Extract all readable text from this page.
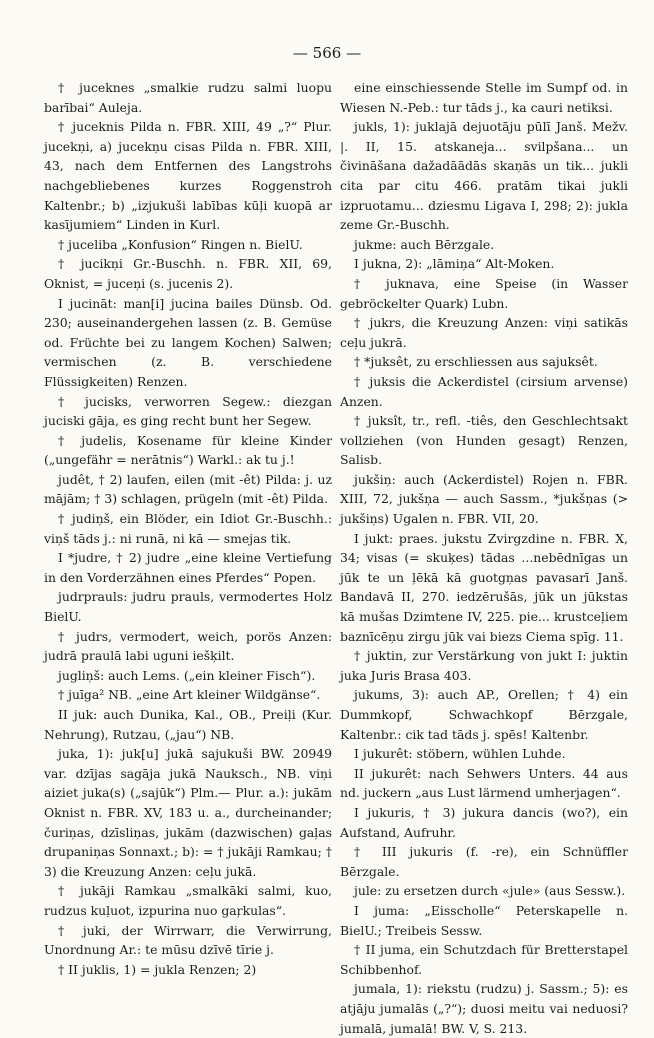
— 566 —

† juceknes „smalkie rudzu salmi luopu barībai“ Auleja.

† juceknis Pilda n. FBR. XIII, 49 „?“ Plur. jucekņi, a) jucekņu cisas Pilda n. FBR. XIII, 43, nach dem Entfernen des Langstrohs nachgebliebenes kurzes Roggenstroh Kaltenbr.; b) „izjukuši labības kūļi kuopā ar kasījumiem“ Linden in Kurl.

† juceliba „Konfusion“ Ringen n. BielU.

† jucikņi Gr.-Buschh. n. FBR. XII, 69, Oknist, = juceņi (s. jucenis 2).

I jucināt: man[i] jucina bailes Dünsb. Od. 230; auseinandergehen lassen (z. B. Gemüse od. Früchte bei zu langem Kochen) Salwen; vermischen (z. B. verschiedene Flüssigkeiten) Renzen.

† jucisks, verworren Segew.: diezgan juciski gāja, es ging recht bunt her Segew.

† judelis, Kosename für kleine Kinder („ungefähr = nerātnis“) Warkl.: ak tu j.!

judêt, † 2) laufen, eilen (mit -êt) Pilda: j. uz mājām; † 3) schlagen, prügeln (mit -êt) Pilda.

† judiņš, ein Blöder, ein Idiot Gr.-Buschh.: viņš tāds j.: ni runā, ni kā — smejas tik.

I *judre, † 2) judre „eine kleine Vertiefung in den Vorderzähnen eines Pferdes“ Popen.

judrprauls: judru prauls, vermodertes Holz BielU.

† judrs, vermodert, weich, porös Anzen: judrā praulā labi uguni iešķilt.

jugliņš: auch Lems. („ein kleiner Fisch“).

† juīga² NB. „eine Art kleiner Wildgänse“.

II juk: auch Dunika, Kal., OB., Preiļi (Kur. Nehrung), Rutzau, („jau“) NB.

juka, 1): juk[u] jukā sajukuši BW. 20949 var. dzījas sagāja jukā Nauksch., NB. viņi aiziet juka(s) („sajūk“) Plm.— Plur. a.): jukām Oknist n. FBR. XV, 183 u. a., durcheinander; čuriņas, dzīsliņas, jukām (dazwischen) gaļas drupaniņas Sonnaxt.; b): = † jukāji Ramkau; † 3) die Kreuzung Anzen: ceļu jukā.

† jukāji Ramkau „smalkāki salmi, kuo, rudzus kuļuot, izpurina nuo gaŗkulas“.

† juki, der Wirrwarr, die Verwirrung, Unordnung Ar.: te mūsu dzīvē tīrie j.

† II juklis, 1) = jukla Renzen; 2)

eine einschiessende Stelle im Sumpf od. in Wiesen N.-Peb.: tur tāds j., ka cauri netiksi.

jukls, 1): juklajā dejuotāju pūlī Janš. Mežv. |. II, 15. atskaneja... svilpšana... un čivināšana dažadāādās skaņās un tik... jukli cita par citu 466. pratām tikai jukli izpruotamu... dziesmu Ligava I, 298; 2): jukla zeme Gr.-Buschh.

jukme: auch Bērzgale.

I jukna, 2): „lāmiņa“ Alt-Moken.

† juknava, eine Speise (in Wasser gebröckelter Quark) Lubn.

† jukrs, die Kreuzung Anzen: viņi satikās ceļu jukrā.

† *juksêt, zu erschliessen aus sajuksêt.

† juksis die Ackerdistel (cirsium arvense) Anzen.

† juksît, tr., refl. -tiês, den Geschlechtsakt vollziehen (von Hunden gesagt) Renzen, Salisb.

jukšiņ: auch (Ackerdistel) Rojen n. FBR. XIII, 72, jukšņa — auch Sassm., *jukšņas (> jukšiņs) Ugalen n. FBR. VII, 20.

I jukt: praes. jukstu Zvirgzdine n. FBR. X, 34; visas (= skuķes) tādas ...nebēdnīgas un jūk te un ļēkā kā guotgņas pavasarī Janš. Bandavā II, 270. iedzērušās, jūk un jūkstas kā mušas Dzimtene IV, 225. pie... krustceļiem baznīcēņu zirgu jūk vai biezs Ciema spīg. 11.

† juktin, zur Verstärkung von jukt I: juktin juka Juris Brasa 403.

jukums, 3): auch AP., Orellen; † 4) ein Dummkopf, Schwachkopf Bērzgale, Kaltenbr.: cik tad tāds j. spēs! Kaltenbr.

I jukurêt: stöbern, wühlen Luhde.

II jukurêt: nach Sehwers Unters. 44 aus nd. juckern „aus Lust lärmend umherjagen“.

I jukuris, † 3) jukura dancis (wo?), ein Aufstand, Aufruhr.

† III jukuris (f. -re), ein Schnüffler Bērzgale.

jule: zu ersetzen durch «jule» (aus Sessw.).

I juma: „Eisscholle“ Peterskapelle n. BielU.; Treibeis Sessw.

† II juma, ein Schutzdach für Bretterstapel Schibbenhof.

jumala, 1): riekstu (rudzu) j. Sassm.; 5): es atjāju jumalās („?“); duosi meitu vai neduosi? jumalā, jumalā! BW. V, S. 213.
